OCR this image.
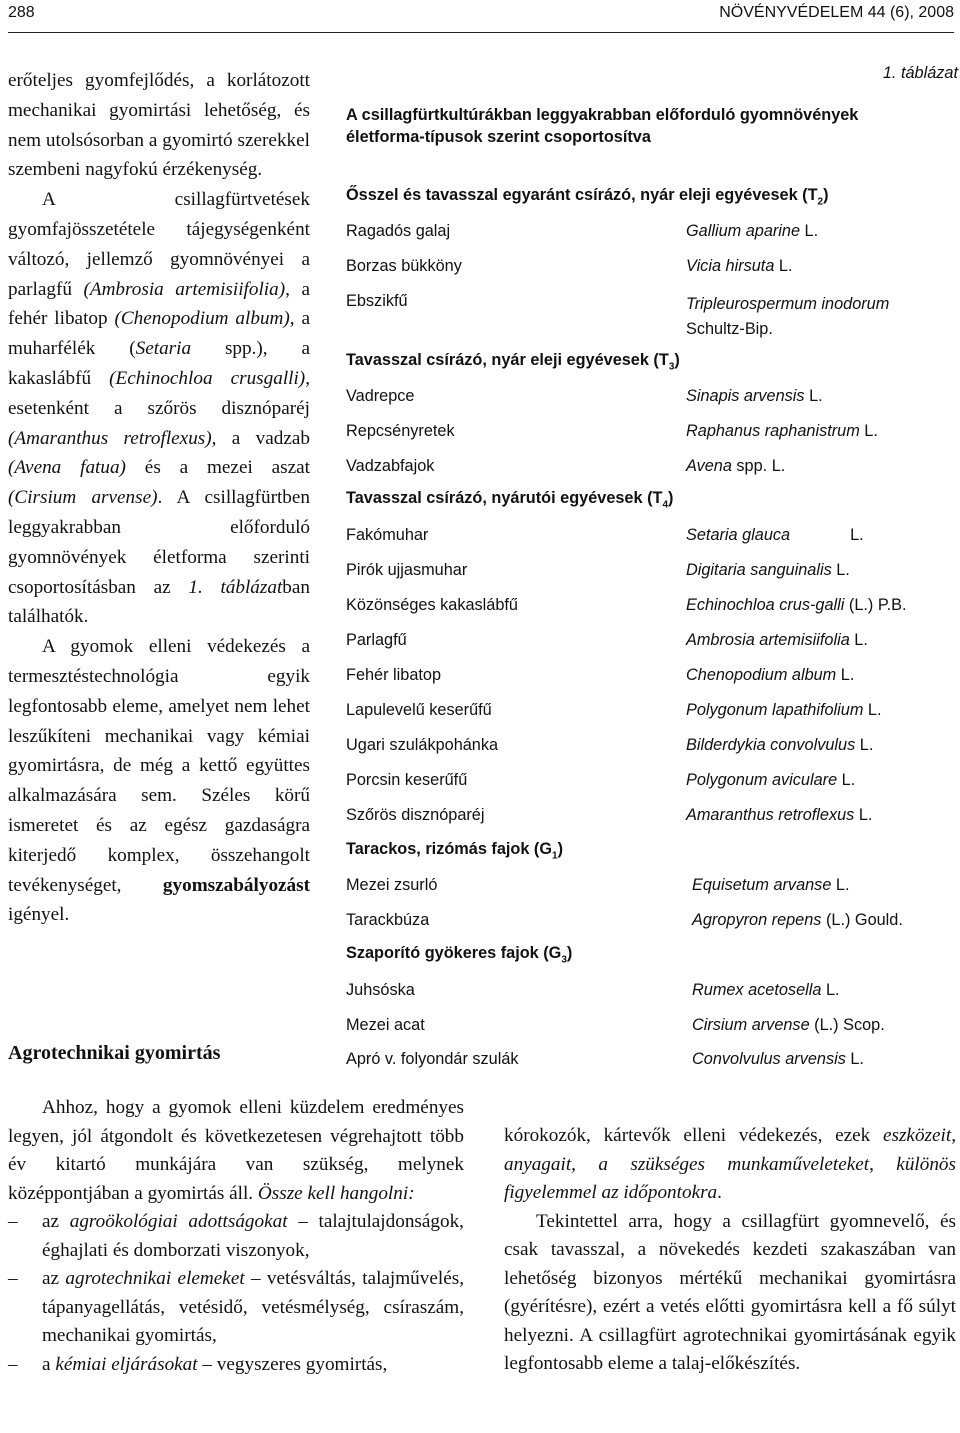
288	NÖVÉNYVÉDELEM 44 (6), 2008

erőteljes gyomfejlődés, a korlátozott mechanikai gyomirtási lehetőség, és nem utolsósorban a gyomirtó szerekkel szembeni nagyfokú érzékenység.

A csillagfürtvetések gyomfajösszetétele tájegységenként változó, jellemző gyomnövényei a parlagfű (Ambrosia artemisiifolia), a fehér libatop (Chenopodium album), a muharfélék (Setaria spp.), a kakaslábfű (Echinochloa crusgalli), esetenként a szőrös disznóparéj (Amaranthus retroflexus), a vadzab (Avena fatua) és a mezei aszat (Cirsium arvense). A csillagfürtben leggyakrabban előforduló gyomnövények életforma szerinti csoportosításban az 1. táblázatban találhatók.

A gyomok elleni védekezés a termesztéstechnológia egyik legfontosabb eleme, amelyet nem lehet leszűkíteni mechanikai vagy kémiai gyomirtásra, de még a kettő együttes alkalmazására sem. Széles körű ismeretet és az egész gazdaságra kiterjedő komplex, összehangolt tevékenységet, gyomszabályozást igényel.

Agrotechnikai gyomirtás
1. táblázat
A csillagfürtkultúrákban leggyakrabban előforduló gyomnövények életforma-típusok szerint csoportosítva
Ősszel és tavasszal egyaránt csírázó, nyár eleji egyévesek $(T_2)$
Ragadós galaj	Gallium aparine L.
Borzas bükköny	Vicia hirsuta L.
Ebszikfű	Tripleurospermum inodorum
Schultz-Bip.
Tavasszal csírázó, nyár eleji egyévesek $(T_3)$
Vadrepce	Sinapis arvensis L.
Repcsényretek	Raphanus raphanistrum L.
Vadzabfajok	Avena spp. L.
Tavasszal csírázó, nyárutói egyévesek $(T_4)$
Fakómuhar	Setaria glauca	L.
Pirók ujjasmuhar	Digitaria sanguinalis L.
Közönséges kakaslábfű	Echinochloa crus-galli (L.) P.B.
Parlagfű	Ambrosia artemisiifolia L.
Fehér libatop	Chenopodium album L.
Lapulevelű keserűfű	Polygonum lapathifolium L.
Ugari szulákpohánka	Bilderdykia convolvulus L.
Porcsin keserűfű	Polygonum aviculare L.
Szőrös disznóparéj	Amaranthus retroflexus L.
Tarackos, rizómás fajok $(G_1)$
Mezei zsurló	Equisetum arvanse L.
Tarackbúza	Agropyron repens (L.) Gould.
Szaporító gyökeres fajok $(G_3)$
Juhsóska	Rumex acetosella L.
Mezei acat	Cirsium arvense (L.) Scop.
Apró v. folyondár szulák	Convolvulus arvensis L.

Ahhoz, hogy a gyomok elleni küzdelem eredményes legyen, jól átgondolt és következetesen végrehajtott több év kitartó munkájára van szükség, melynek középpontjában a gyomirtás áll. Össze kell hangolni:

– az agroökológiai adottságokat – talajtulajdonságok, éghajlati és domborzati viszonyok,

– az agrotechnikai elemeket – vetésváltás, talajművelés, tápanyagellátás, vetésidő, vetésmélység, csíraszám, mechanikai gyomirtás,

– a kémiai eljárásokat – vegyszeres gyomirtás,

kórokozók, kártevők elleni védekezés, ezek eszközeit, anyagait, a szükséges munkaműveleteket, különös figyelemmel az időpontokra.

Tekintettel arra, hogy a csillagfürt gyomnevelő, és csak tavasszal, a növekedés kezdeti szakaszában van lehetőség bizonyos mértékű mechanikai gyomirtásra (gyérítésre), ezért a vetés előtti gyomirtásra kell a fő súlyt helyezni. A csillagfürt agrotechnikai gyomirtásának egyik legfontosabb eleme a talaj-előkészítés.
